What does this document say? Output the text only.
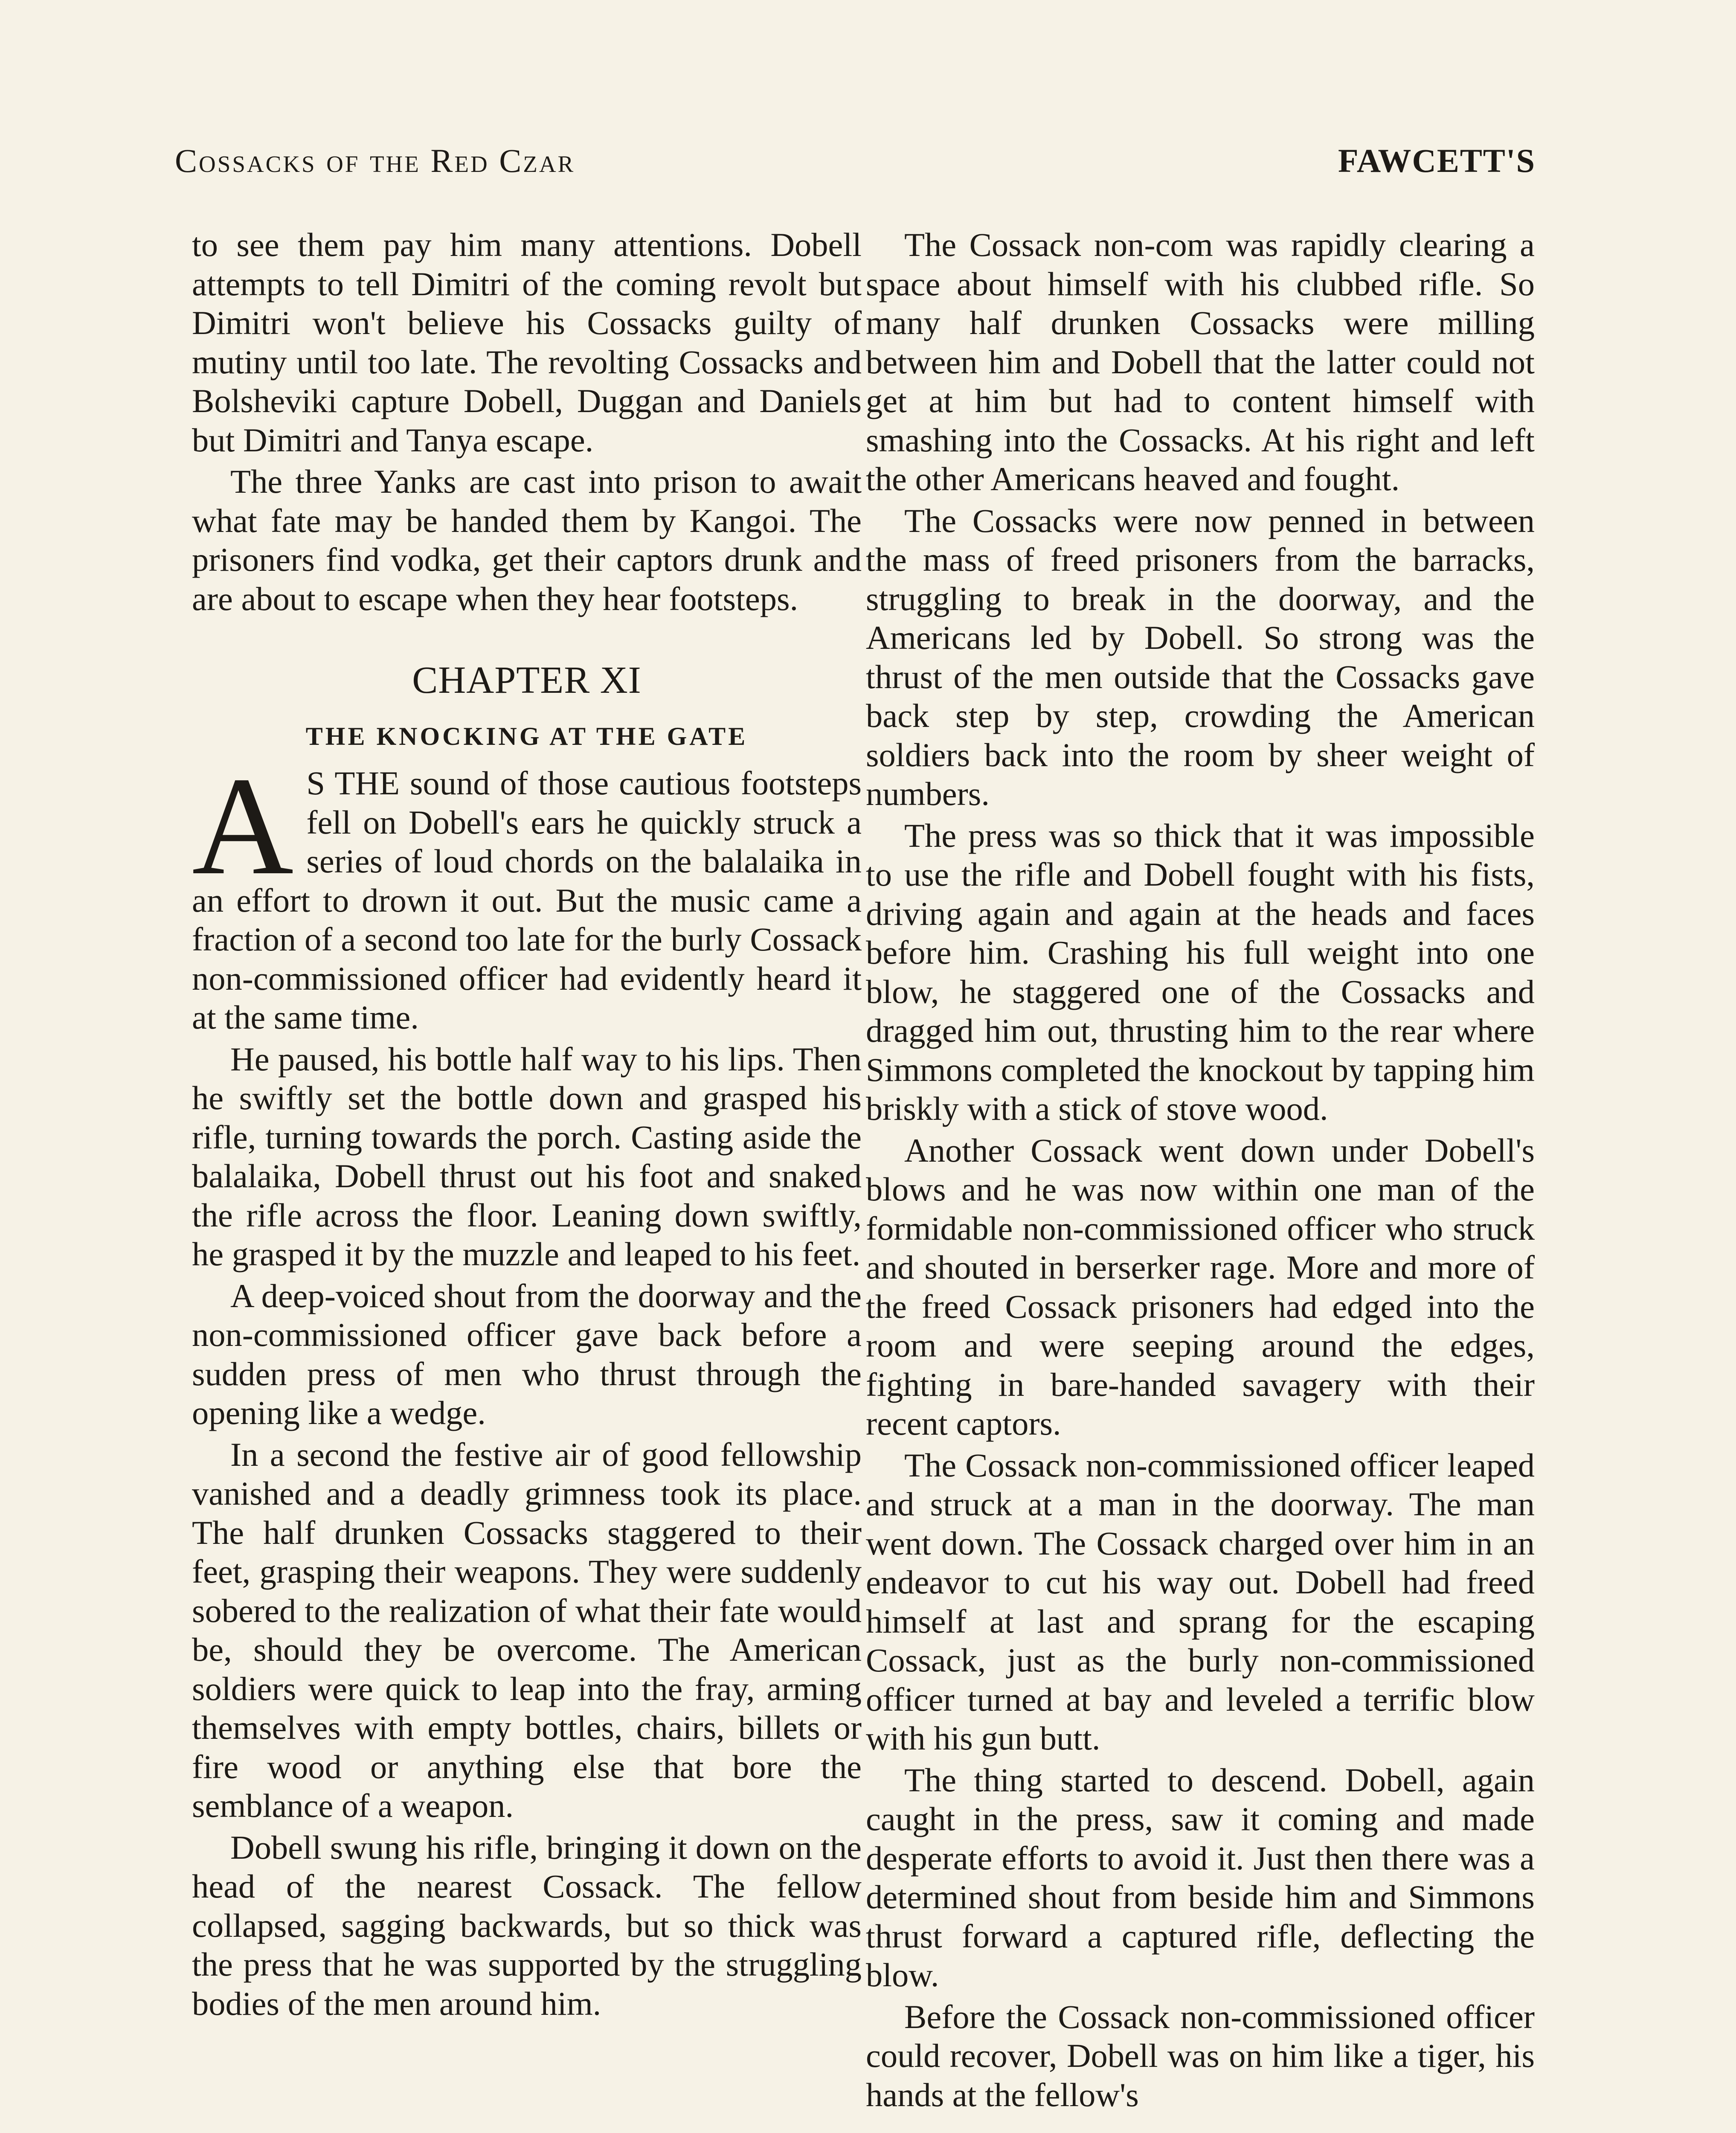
Cossacks of the Red Czar	FAWCETT'S

to see them pay him many attentions. Dobell attempts to tell Dimitri of the coming revolt but Dimitri won't believe his Cossacks guilty of mutiny until too late. The revolting Cossacks and Bolsheviki capture Dobell, Duggan and Daniels but Dimitri and Tanya escape.

The three Yanks are cast into prison to await what fate may be handed them by Kangoi. The prisoners find vodka, get their captors drunk and are about to escape when they hear footsteps.

CHAPTER XI
THE KNOCKING AT THE GATE

A S THE sound of those cautious footsteps fell on Dobell's ears he quickly struck a series of loud chords on the balalaika in an effort to drown it out. But the music came a fraction of a second too late for the burly Cossack non-commissioned officer had evidently heard it at the same time.

He paused, his bottle half way to his lips. Then he swiftly set the bottle down and grasped his rifle, turning towards the porch. Casting aside the balalaika, Dobell thrust out his foot and snaked the rifle across the floor. Leaning down swiftly, he grasped it by the muzzle and leaped to his feet.

A deep-voiced shout from the doorway and the non-commissioned officer gave back before a sudden press of men who thrust through the opening like a wedge.

In a second the festive air of good fellowship vanished and a deadly grimness took its place. The half drunken Cossacks staggered to their feet, grasping their weapons. They were suddenly sobered to the realization of what their fate would be, should they be overcome. The American soldiers were quick to leap into the fray, arming themselves with empty bottles, chairs, billets or fire wood or anything else that bore the semblance of a weapon.

Dobell swung his rifle, bringing it down on the head of the nearest Cossack. The fellow collapsed, sagging backwards, but so thick was the press that he was supported by the struggling bodies of the men around him.

The Cossack non-com was rapidly clearing a space about himself with his clubbed rifle. So many half drunken Cossacks were milling between him and Dobell that the latter could not get at him but had to content himself with smashing into the Cossacks. At his right and left the other Americans heaved and fought.

The Cossacks were now penned in between the mass of freed prisoners from the barracks, struggling to break in the doorway, and the Americans led by Dobell. So strong was the thrust of the men outside that the Cossacks gave back step by step, crowding the American soldiers back into the room by sheer weight of numbers.

The press was so thick that it was impossible to use the rifle and Dobell fought with his fists, driving again and again at the heads and faces before him. Crashing his full weight into one blow, he staggered one of the Cossacks and dragged him out, thrusting him to the rear where Simmons completed the knockout by tapping him briskly with a stick of stove wood.

Another Cossack went down under Dobell's blows and he was now within one man of the formidable non-commissioned officer who struck and shouted in berserker rage. More and more of the freed Cossack prisoners had edged into the room and were seeping around the edges, fighting in bare-handed savagery with their recent captors.

The Cossack non-commissioned officer leaped and struck at a man in the doorway. The man went down. The Cossack charged over him in an endeavor to cut his way out. Dobell had freed himself at last and sprang for the escaping Cossack, just as the burly non-commissioned officer turned at bay and leveled a terrific blow with his gun butt.

The thing started to descend. Dobell, again caught in the press, saw it coming and made desperate efforts to avoid it. Just then there was a determined shout from beside him and Simmons thrust forward a captured rifle, deflecting the blow.

Before the Cossack non-commissioned officer could recover, Dobell was on him like a tiger, his hands at the fellow's
